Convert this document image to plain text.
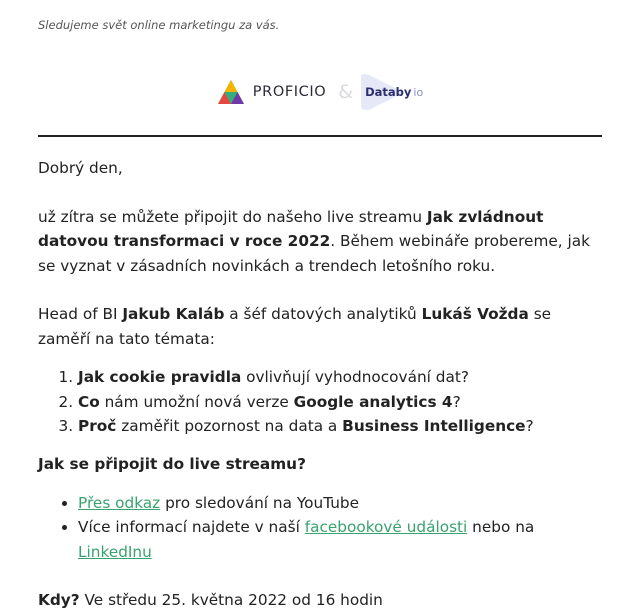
Sledujeme svět online marketingu za vás.
PROFICIO & Databy io

Dobrý den,

už zítra se můžete připojit do našeho live streamu Jak zvládnout datovou transformaci v roce 2022. Během webináře probereme, jak se vyznat v zásadních novinkách a trendech letošního roku.

Head of BI Jakub Kaláb a šéf datových analytiků Lukáš Vožda se zaměří na tato témata:

1. Jak cookie pravidla ovlivňují vyhodnocování dat?
2. Co nám umožní nová verze Google analytics 4?
3. Proč zaměřit pozornost na data a Business Intelligence?

Jak se připojit do live streamu?

• Přes odkaz pro sledování na YouTube
• Více informací najdete v naší facebookové události nebo na LinkedInu

Kdy? Ve středu 25. května 2022 od 16 hodin
